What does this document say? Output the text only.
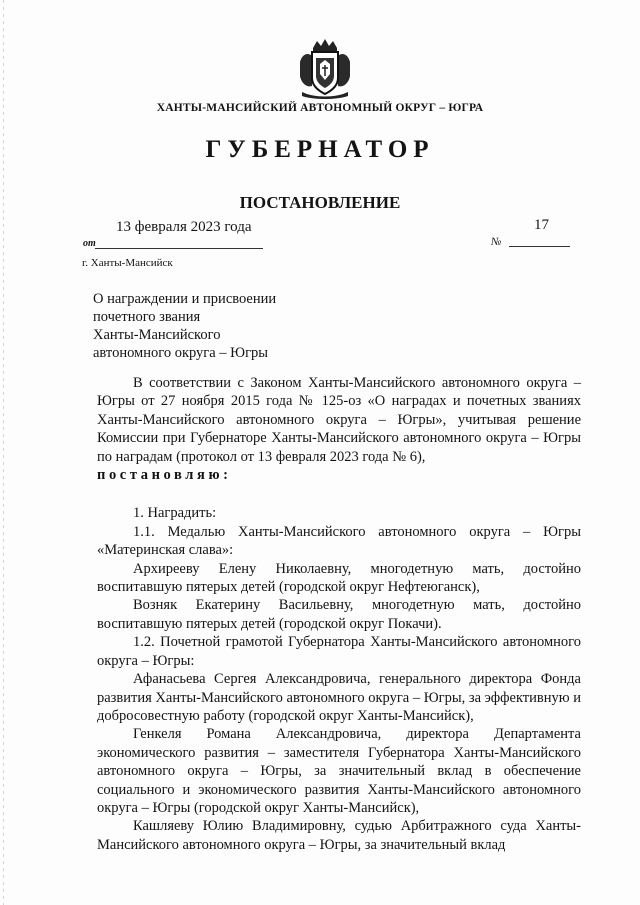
ХАНТЫ-МАНСИЙСКИЙ АВТОНОМНЫЙ ОКРУГ – ЮГРА
ГУБЕРНАТОР
ПОСТАНОВЛЕНИЕ
13 февраля 2023 года
от
17
№
г. Ханты-Мансийск
О награждении и присвоении
почетного звания
Ханты-Мансийского
автономного округа – Югры

В соответствии с Законом Ханты-Мансийского автономного округа – Югры от 27 ноября 2015 года № 125-оз «О наградах и почетных званиях Ханты-Мансийского автономного округа – Югры», учитывая решение Комиссии при Губернаторе Ханты-Мансийского автономного округа – Югры по наградам (протокол от 13 февраля 2023 года № 6),
постановляю:

1. Наградить:

1.1. Медалью Ханты-Мансийского автономного округа – Югры «Материнская слава»:

Архиреeву Елену Николаевну, многодетную мать, достойно воспитавшую пятерых детей (городской округ Нефтеюганск),

Возняк Екатерину Васильевну, многодетную мать, достойно воспитавшую пятерых детей (городской округ Покачи).

1.2. Почетной грамотой Губернатора Ханты-Мансийского автономного округа – Югры:

Афанасьева Сергея Александровича, генерального директора Фонда развития Ханты-Мансийского автономного округа – Югры, за эффективную и добросовестную работу (городской округ Ханты-Мансийск),

Генкеля Романа Александровича, директора Департамента экономического развития – заместителя Губернатора Ханты-Мансийского автономного округа – Югры, за значительный вклад в обеспечение социального и экономического развития Ханты-Мансийского автономного округа – Югры (городской округ Ханты-Мансийск),

Кашляеву Юлию Владимировну, судью Арбитражного суда Ханты-Мансийского автономного округа – Югры, за значительный вклад
